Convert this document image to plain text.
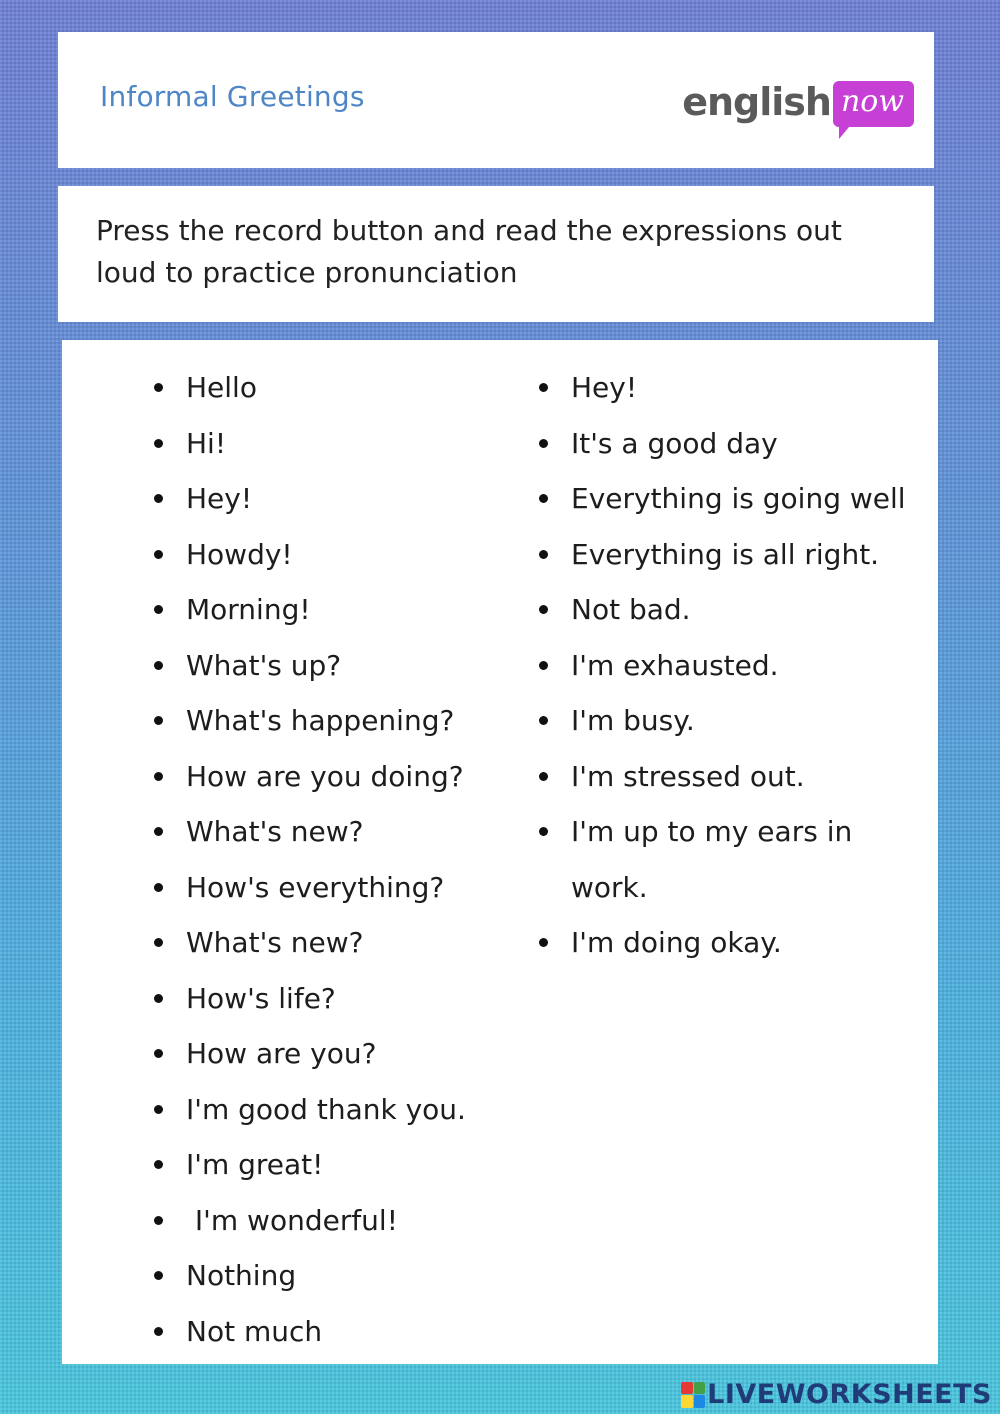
Informal Greetings	english now
Press the record button and read the expressions out loud to practice pronunciation
Hello
Hi!
Hey!
Howdy!
Morning!
What's up?
What's happening?
How are you doing?
What's new?
How's everything?
What's new?
How's life?
How are you?
I'm good thank you.
I'm great!
I'm wonderful!
Nothing
Not much
Hey!
It's a good day
Everything is going well
Everything is all right.
Not bad.
I'm exhausted.
I'm busy.
I'm stressed out.
I'm up to my ears in work.
I'm doing okay.
LIVEWORKSHEETS
